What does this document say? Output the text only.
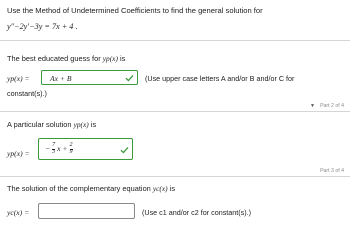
Use the Method of Undetermined Coefficients to find the general solution for
y″−2y′−3y = 7x + 4 .
The best educated guess for yp(x) is
yp(x) =	Ax + B	(Use upper case letters A and/or B and/or C for
constant(s).)
▼ Part 2 of 4
A particular solution yp(x) is
yp(x) =
− $\frac{7}{3}$ $x + \frac{2}{9}$
Part 3 of 4
The solution of the complementary equation yc(x) is
yc(x) =	(Use c1 and/or c2 for constant(s).)
